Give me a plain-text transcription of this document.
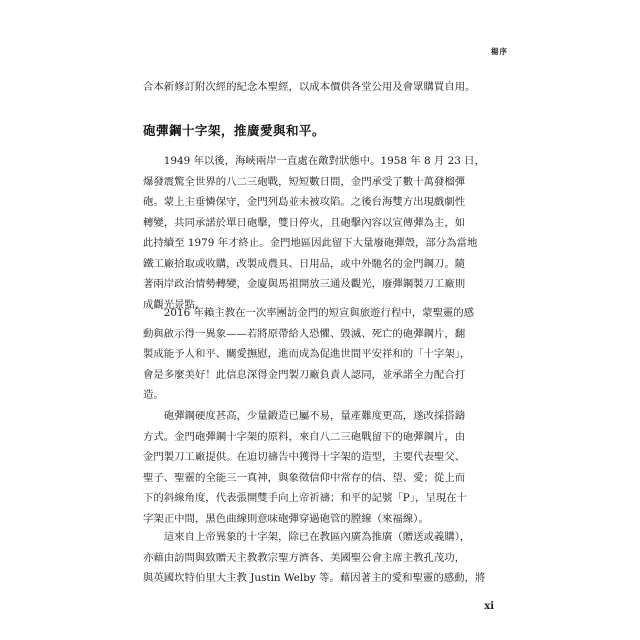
楊序

合本新修訂附次經的紀念本聖經，以成本價供各堂公用及會眾購買自用。

砲彈鋼十字架，推廣愛與和平。

　　1949 年以後，海峽兩岸一直處在敵對狀態中。1958 年 8 月 23 日，
爆發震驚全世界的八二三砲戰，短短數日間，金門承受了數十萬發榴彈
砲。蒙上主垂憐保守，金門列島並未被攻陷。之後台海雙方出現戲劇性
轉變，共同承諾於單日砲擊，雙日停火，且砲擊內容以宣傳彈為主，如
此持續至 1979 年才終止。金門地區因此留下大量廢砲彈殼，部分為當地
鐵工廠拾取或收購，改製成農具、日用品，或中外馳名的金門鋼刀。隨
著兩岸政治情勢轉變，金廈與馬祖開放三通及觀光，廢彈鋼製刀工廠則
成觀光景點。

　　2016 年賴主教在一次率團訪金門的短宣與旅遊行程中，蒙聖靈的感
動與啟示得一異象——若將原帶給人恐懼、毀滅、死亡的砲彈鋼片，翻
製成能予人和平、關愛撫慰，進而成為促進世間平安祥和的「十字架」，
會是多麼美好！此信息深得金門製刀廠負責人認同，並承諾全力配合打
造。

　　砲彈鋼硬度甚高，少量鍛造已屬不易，量產難度更高，遂改採搭鑄
方式。金門砲彈鋼十字架的原料，來自八二三砲戰留下的砲彈鋼片，由
金門製刀工廠提供。在迫切禱告中獲得十字架的造型，主要代表聖父、
聖子、聖靈的全能三一真神，與象徵信仰中常存的信、望、愛；從上而
下的斜線角度，代表張開雙手向上帝祈禱；和平的記號「P」，呈現在十
字架正中間，黑色曲線則意味砲彈穿過砲管的膛線（來福線）。

　　這來自上帝異象的十字架，除已在教區內廣為推廣（贈送或義購），
亦藉由訪問與致贈天主教教宗聖方濟各、美國聖公會主席主教孔茂功，
與英國坎特伯里大主教 Justin Welby 等。藉因著主的愛和聖靈的感動，將

xi
